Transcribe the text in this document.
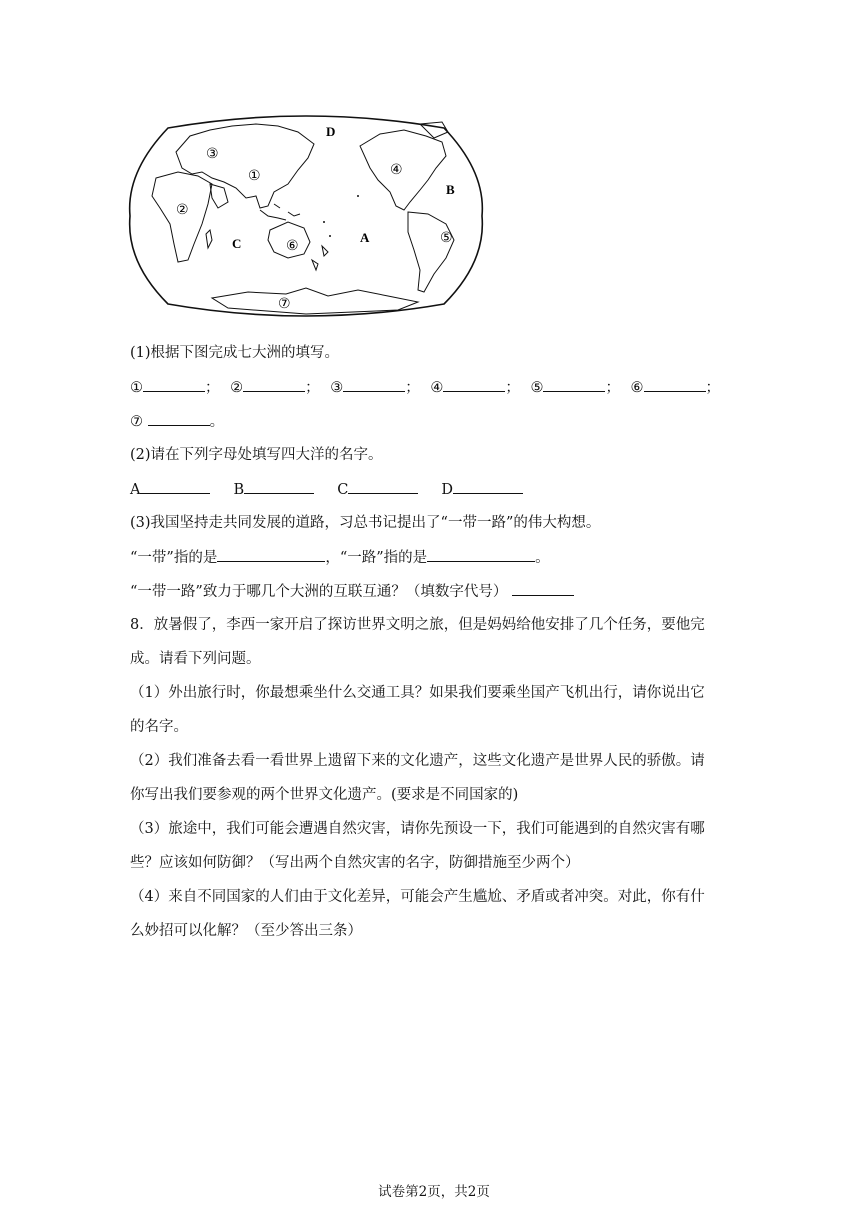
D
B
C	A
①
②
③
④
⑤
⑥
⑦
(1)根据下图完成七大洲的填写。
①	； ②	； ③	； ④	； ⑤	； ⑥	；
⑦	。
(2)请在下列字母处填写四大洋的名字。
A	B	C	D
(3)我国坚持走共同发展的道路，习总书记提出了“一带一路”的伟大构想。
“一带”指的是	，“一路”指的是	。
“一带一路”致力于哪几个大洲的互联互通？（填数字代号）
8．放暑假了，李西一家开启了探访世界文明之旅，但是妈妈给他安排了几个任务，要他完
成。请看下列问题。
（1）外出旅行时，你最想乘坐什么交通工具？如果我们要乘坐国产飞机出行，请你说出它
的名字。
（2）我们准备去看一看世界上遗留下来的文化遗产，这些文化遗产是世界人民的骄傲。请
你写出我们要参观的两个世界文化遗产。(要求是不同国家的)
（3）旅途中，我们可能会遭遇自然灾害，请你先预设一下，我们可能遇到的自然灾害有哪
些？应该如何防御？（写出两个自然灾害的名字，防御措施至少两个）
（4）来自不同国家的人们由于文化差异，可能会产生尴尬、矛盾或者冲突。对此，你有什
么妙招可以化解？（至少答出三条）
试卷第2页，共2页
